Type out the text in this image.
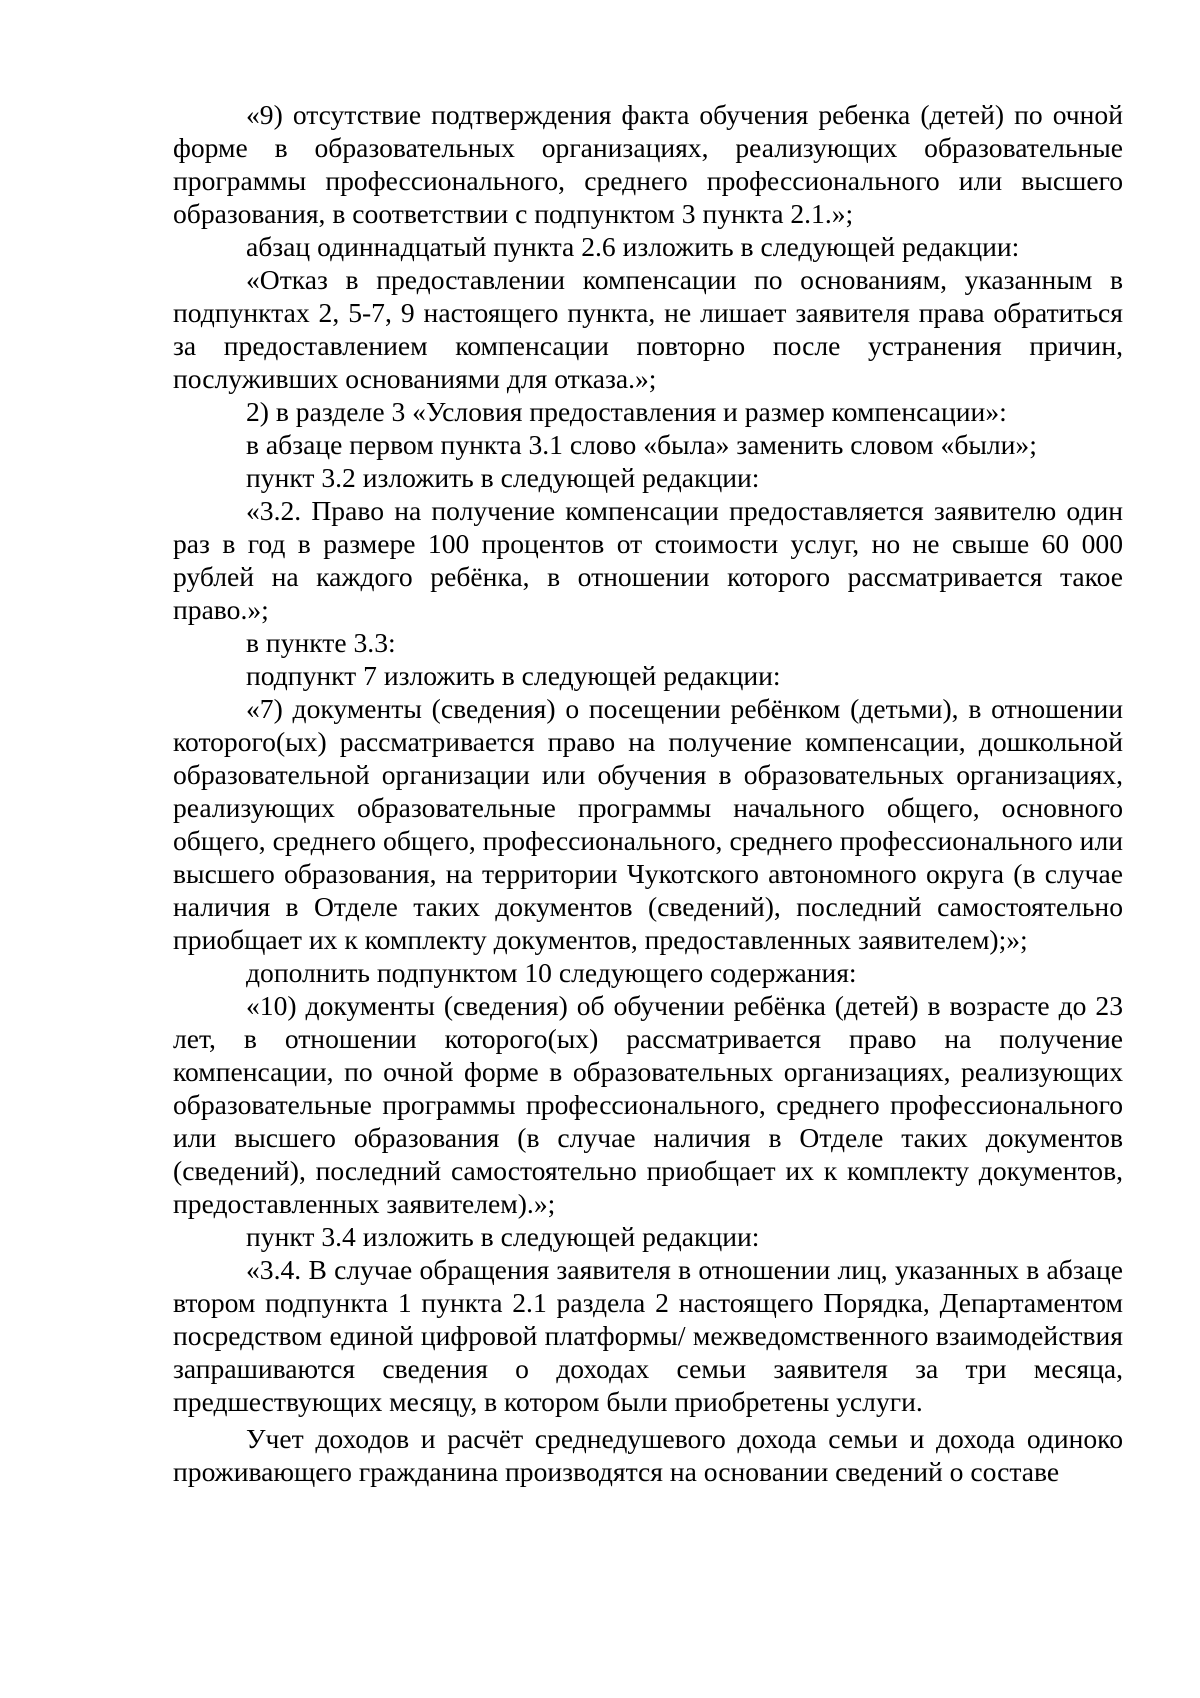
«9) отсутствие подтверждения факта обучения ребенка (детей) по очной форме в образовательных организациях, реализующих образовательные программы профессионального, среднего профессионального или высшего образования, в соответствии с подпунктом 3 пункта 2.1.»;

абзац одиннадцатый пункта 2.6 изложить в следующей редакции:

«Отказ в предоставлении компенсации по основаниям, указанным в подпунктах 2, 5-7, 9 настоящего пункта, не лишает заявителя права обратиться за предоставлением компенсации повторно после устранения причин, послуживших основаниями для отказа.»;

2) в разделе 3 «Условия предоставления и размер компенсации»:

в абзаце первом пункта 3.1 слово «была» заменить словом «были»;

пункт 3.2 изложить в следующей редакции:

«3.2. Право на получение компенсации предоставляется заявителю один раз в год в размере 100 процентов от стоимости услуг, но не свыше 60 000 рублей на каждого ребёнка, в отношении которого рассматривается такое право.»;

в пункте 3.3:

подпункт 7 изложить в следующей редакции:

«7) документы (сведения) о посещении ребёнком (детьми), в отношении которого(ых) рассматривается право на получение компенсации, дошкольной образовательной организации или обучения в образовательных организациях, реализующих образовательные программы начального общего, основного общего, среднего общего, профессионального, среднего профессионального или высшего образования, на территории Чукотского автономного округа (в случае наличия в Отделе таких документов (сведений), последний самостоятельно приобщает их к комплекту документов, предоставленных заявителем);»;

дополнить подпунктом 10 следующего содержания:

«10) документы (сведения) об обучении ребёнка (детей) в возрасте до 23 лет, в отношении которого(ых) рассматривается право на получение компенсации, по очной форме в образовательных организациях, реализующих образовательные программы профессионального, среднего профессионального или высшего образования (в случае наличия в Отделе таких документов (сведений), последний самостоятельно приобщает их к комплекту документов, предоставленных заявителем).»;

пункт 3.4 изложить в следующей редакции:

«3.4. В случае обращения заявителя в отношении лиц, указанных в абзаце втором подпункта 1 пункта 2.1 раздела 2 настоящего Порядка, Департаментом посредством единой цифровой платформы/ межведомственного взаимодействия запрашиваются сведения о доходах семьи заявителя за три месяца, предшествующих месяцу, в котором были приобретены услуги.

Учет доходов и расчёт среднедушевого дохода семьи и дохода одиноко проживающего гражданина производятся на основании сведений о составе
